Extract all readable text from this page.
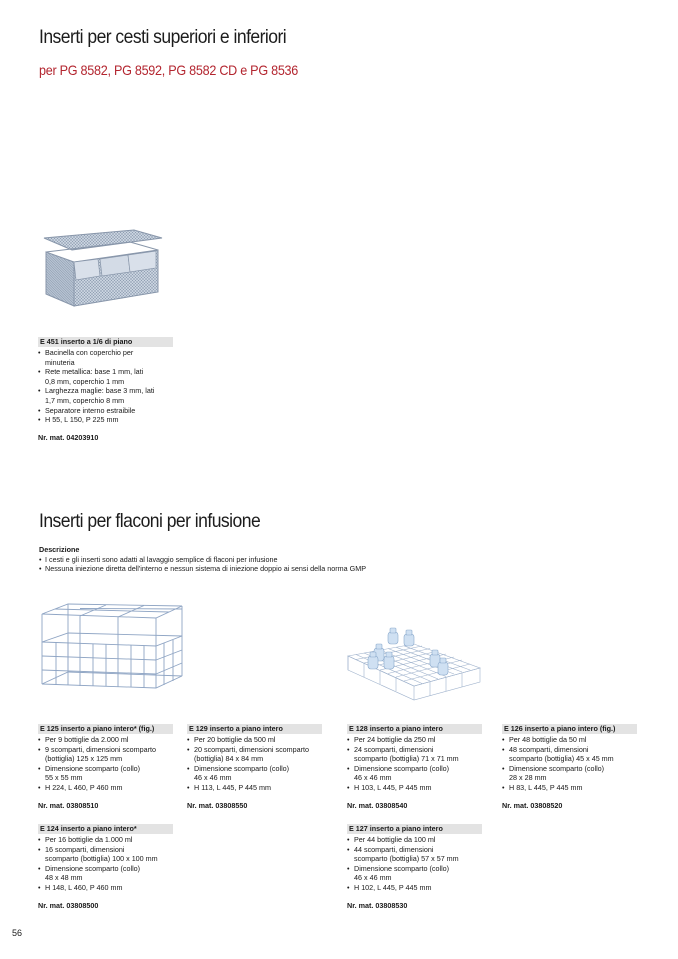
Inserti per cesti superiori e inferiori
per PG 8582, PG 8592, PG 8582 CD e PG 8536
E 451 inserto a 1/6 di piano
• Bacinella con coperchio per
minuteria
• Rete metallica: base 1 mm, lati
0,8 mm, coperchio 1 mm
• Larghezza maglie: base 3 mm, lati
1,7 mm, coperchio 8 mm
• Separatore interno estraibile
• H 55, L 150, P 225 mm
Nr. mat. 04203910
Inserti per flaconi per infusione
Descrizione
• I cesti e gli inserti sono adatti al lavaggio semplice di flaconi per infusione
• Nessuna iniezione diretta dell'interno e nessun sistema di iniezione doppio ai sensi della norma GMP
E 125 inserto a piano intero* (fig.)
• Per 9 bottiglie da 2.000 ml
• 9 scomparti, dimensioni scomparto
(bottiglia) 125 x 125 mm
• Dimensione scomparto (collo)
55 x 55 mm
• H 224, L 460, P 460 mm
Nr. mat. 03808510
E 129 inserto a piano intero
• Per 20 bottiglie da 500 ml
• 20 scomparti, dimensioni scomparto
(bottiglia) 84 x 84 mm
• Dimensione scomparto (collo)
46 x 46 mm
• H 113, L 445, P 445 mm
Nr. mat. 03808550
E 128 inserto a piano intero
• Per 24 bottiglie da 250 ml
• 24 scomparti, dimensioni
scomparto (bottiglia) 71 x 71 mm
• Dimensione scomparto (collo)
46 x 46 mm
• H 103, L 445, P 445 mm
Nr. mat. 03808540
E 126 inserto a piano intero (fig.)
• Per 48 bottiglie da 50 ml
• 48 scomparti, dimensioni
scomparto (bottiglia) 45 x 45 mm
• Dimensione scomparto (collo)
28 x 28 mm
• H 83, L 445, P 445 mm
Nr. mat. 03808520
E 124 inserto a piano intero*
• Per 16 bottiglie da 1.000 ml
• 16 scomparti, dimensioni
scomparto (bottiglia) 100 x 100 mm
• Dimensione scomparto (collo)
48 x 48 mm
• H 148, L 460, P 460 mm
Nr. mat. 03808500
E 127 inserto a piano intero
• Per 44 bottiglie da 100 ml
• 44 scomparti, dimensioni
scomparto (bottiglia) 57 x 57 mm
• Dimensione scomparto (collo)
46 x 46 mm
• H 102, L 445, P 445 mm
Nr. mat. 03808530
56
